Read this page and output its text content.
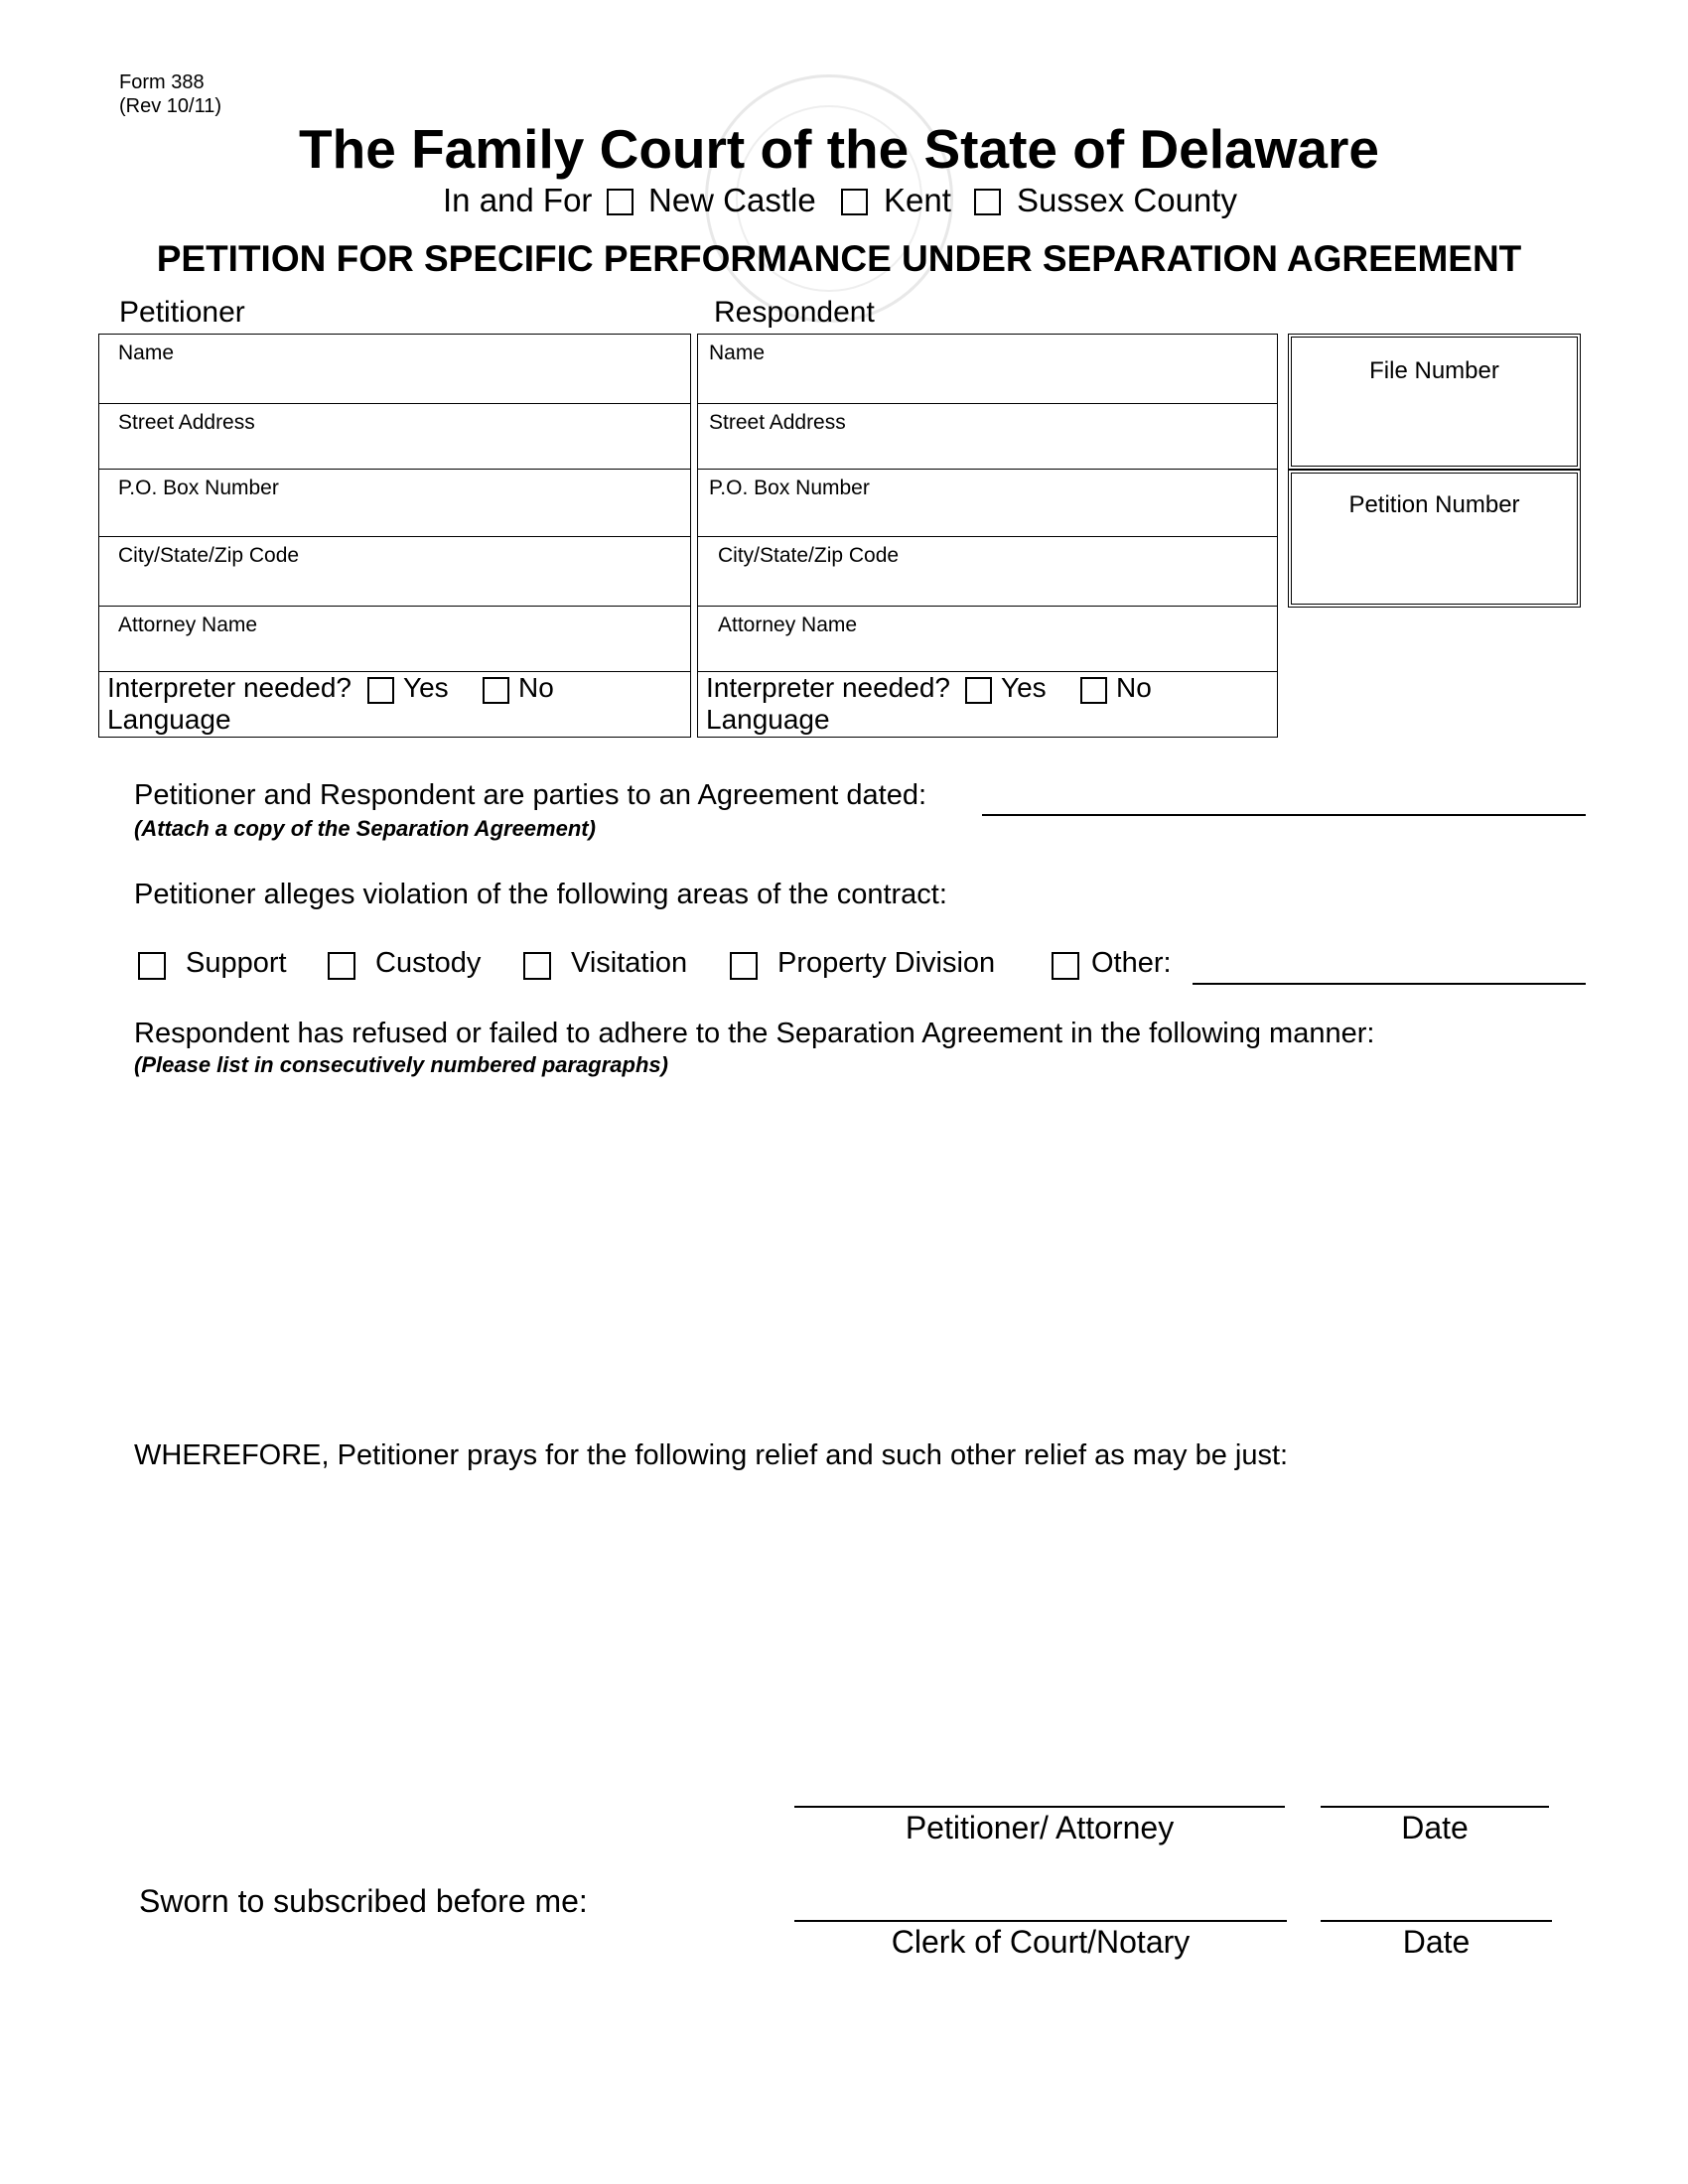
Form 388
(Rev 10/11)
The Family Court of the State of Delaware
In and For New Castle Kent Sussex County
PETITION FOR SPECIFIC PERFORMANCE UNDER SEPARATION AGREEMENT
Petitioner	Respondent
Name
Street Address
P.O. Box Number
City/State/Zip Code
Attorney Name
Interpreter needed? Yes	No
Language
Name
Street Address
P.O. Box Number
City/State/Zip Code
Attorney Name
Interpreter needed? Yes	No
Language
File Number
Petition Number
Petitioner and Respondent are parties to an Agreement dated:
(Attach a copy of the Separation Agreement)
Petitioner alleges violation of the following areas of the contract:
Support	Custody	Visitation	Property Division	Other:
Respondent has refused or failed to adhere to the Separation Agreement in the following manner:
(Please list in consecutively numbered paragraphs)
WHEREFORE, Petitioner prays for the following relief and such other relief as may be just:
Petitioner/ Attorney	Date
Sworn to subscribed before me:
Clerk of Court/Notary	Date
